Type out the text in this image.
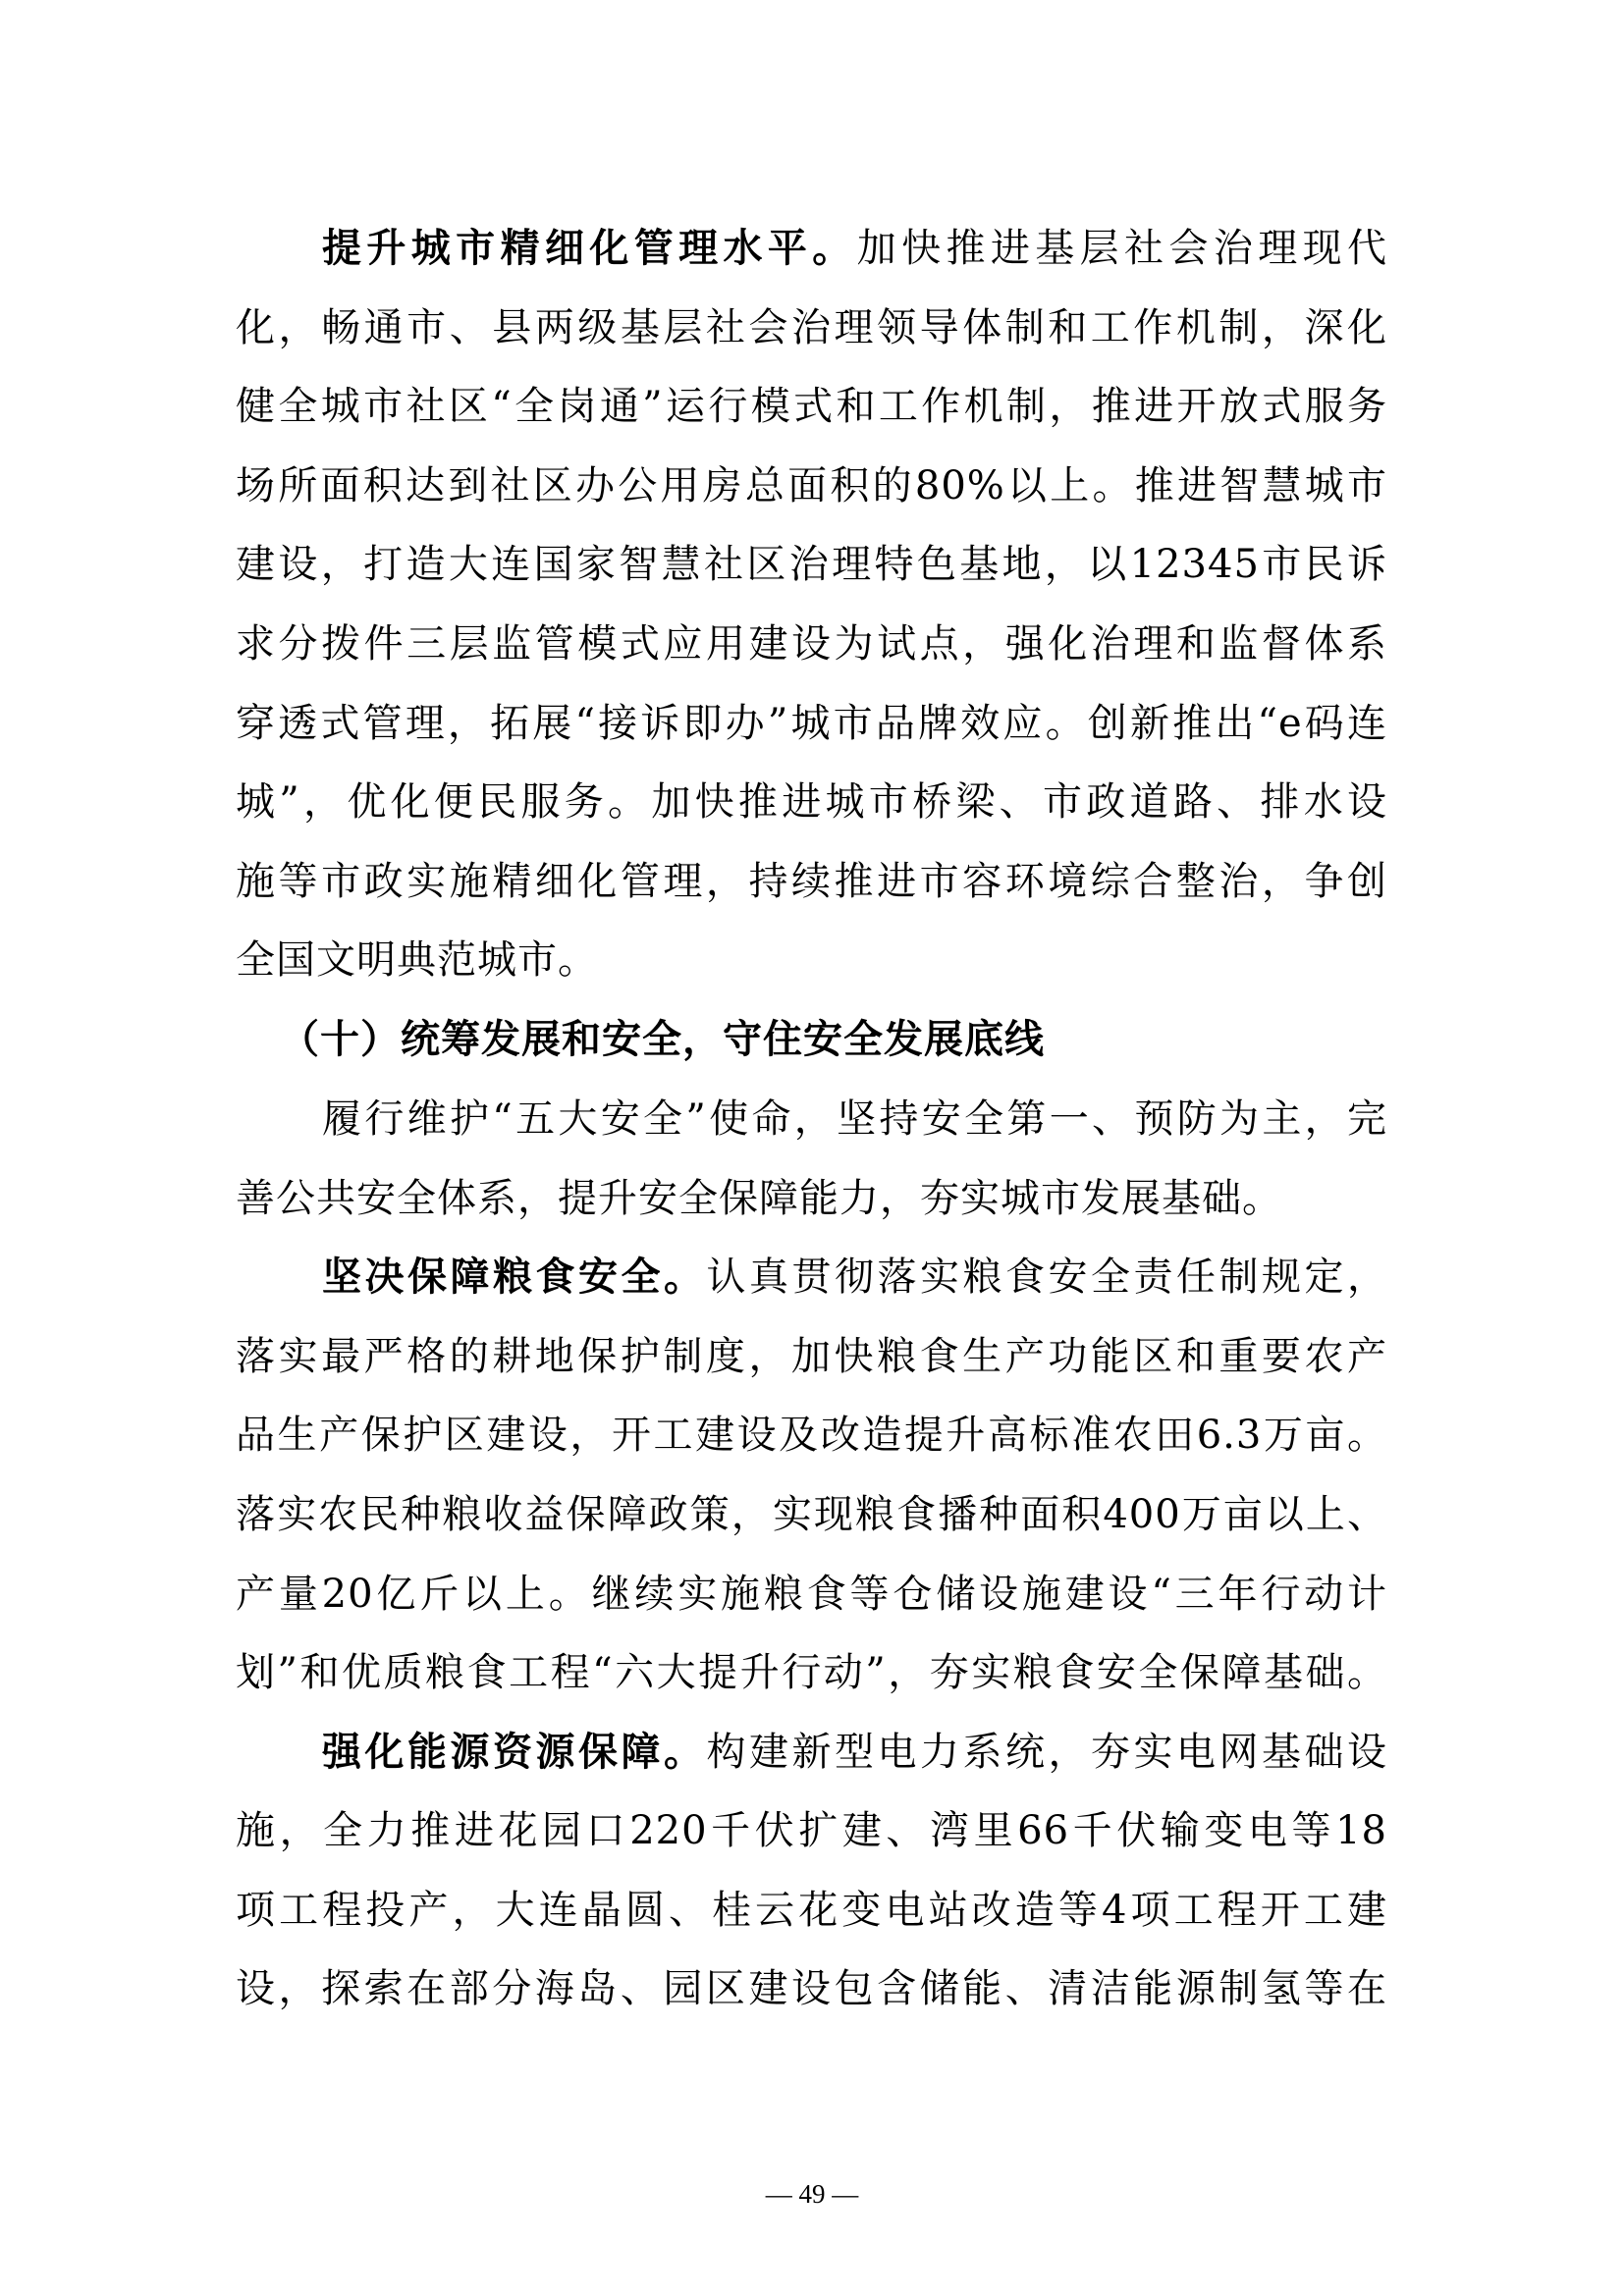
提升城市精细化管理水平。加快推进基层社会治理现代
化，畅通市、县两级基层社会治理领导体制和工作机制，深化
健全城市社区“全岗通”运行模式和工作机制，推进开放式服务
场所面积达到社区办公用房总面积的80%以上。推进智慧城市
建设，打造大连国家智慧社区治理特色基地，以12345市民诉
求分拨件三层监管模式应用建设为试点，强化治理和监督体系
穿透式管理，拓展“接诉即办”城市品牌效应。创新推出“e码连
城”，优化便民服务。加快推进城市桥梁、市政道路、排水设
施等市政实施精细化管理，持续推进市容环境综合整治，争创
全国文明典范城市。
（十）统筹发展和安全，守住安全发展底线
履行维护“五大安全”使命，坚持安全第一、预防为主，完
善公共安全体系，提升安全保障能力，夯实城市发展基础。
坚决保障粮食安全。认真贯彻落实粮食安全责任制规定，
落实最严格的耕地保护制度，加快粮食生产功能区和重要农产
品生产保护区建设，开工建设及改造提升高标准农田6.3万亩。
落实农民种粮收益保障政策，实现粮食播种面积400万亩以上、
产量20亿斤以上。继续实施粮食等仓储设施建设“三年行动计
划”和优质粮食工程“六大提升行动”，夯实粮食安全保障基础。
强化能源资源保障。构建新型电力系统，夯实电网基础设
施，全力推进花园口220千伏扩建、湾里66千伏输变电等18
项工程投产，大连晶圆、桂云花变电站改造等4项工程开工建
设，探索在部分海岛、园区建设包含储能、清洁能源制氢等在
— 49 —
